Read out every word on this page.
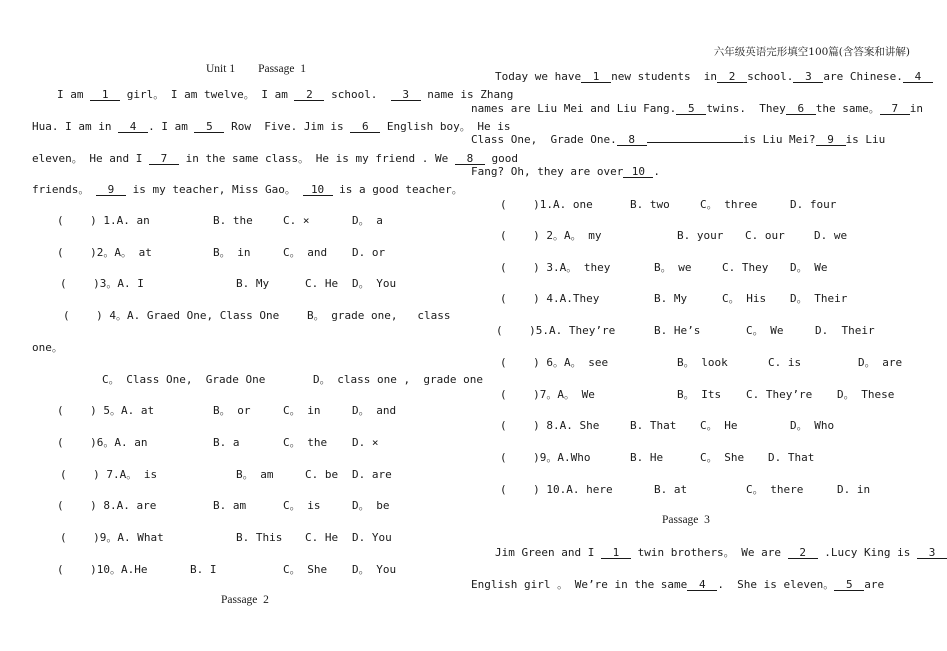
六年级英语完形填空100篇(含答案和讲解)
Unit 1 Passage  1
I am 1 girl。 I am twelve。 I am 2 school.  3 name is Zhang
Hua. I am in 4 . I am 5 Row  Five. Jim is 6 English boy。 He is
eleven。 He and I 7 in the same class。 He is my friend . We 8 good
friends。 9 is my teacher, Miss Gao。 10 is a good teacher。
(    ) 1.A. an	B. the	C. ×	D。 a
(    )2。A。 at	B。 in	C。 and D. or
(    )3。A. I	B. My	C. He D。 You
(    ) 4。A. Graed One, Class One	B。 grade one,   class
one。
C。 Class One,  Grade One	D。 class one ,  grade one
(    ) 5。A. at	B。 or	C。 in	D。 and
(    )6。A. an	B. a	C。 the D. ×
(    ) 7.A。 is	B。 am	C. be D. are
(    ) 8.A. are	B. am	C。 is	D。 be
(    )9。A. What	B. This C. He D. You
(    )10。A.He	B. I	C。 She D。 You
Passage  2
Today we have 1 new students  in 2 school. 3 are Chinese. 4
names are Liu Mei and Liu Fang. 5 twins.  They 6 the same。 7 in
Class One,  Grade One. 8	is Liu Mei? 9 is Liu
Fang? Oh, they are over 10 .
(    )1.A. one	B. two	C。 three	D. four
(    ) 2。A。 my	B. your C. our	D. we
(    ) 3.A。 they	B。 we	C. They D。 We
(    ) 4.A.They	B. My	C。 His D。 Their
(    )5.A. They’re	B. He’s	C。 We	D.  Their
(    ) 6。A。 see	B。 look	C. is	D。 are
(    )7。A。 We	B。 Its C. They’re D。 These
(    ) 8.A. She	B. That C。 He	D。 Who
(    )9。A.Who	B. He	C。 She D. That
(    ) 10.A. here	B. at	C。 there	D. in
Passage  3
Jim Green and I 1 twin brothers。 We are 2 .Lucy King is 3
English girl 。 We’re in the same 4 .  She is eleven。 5 are
